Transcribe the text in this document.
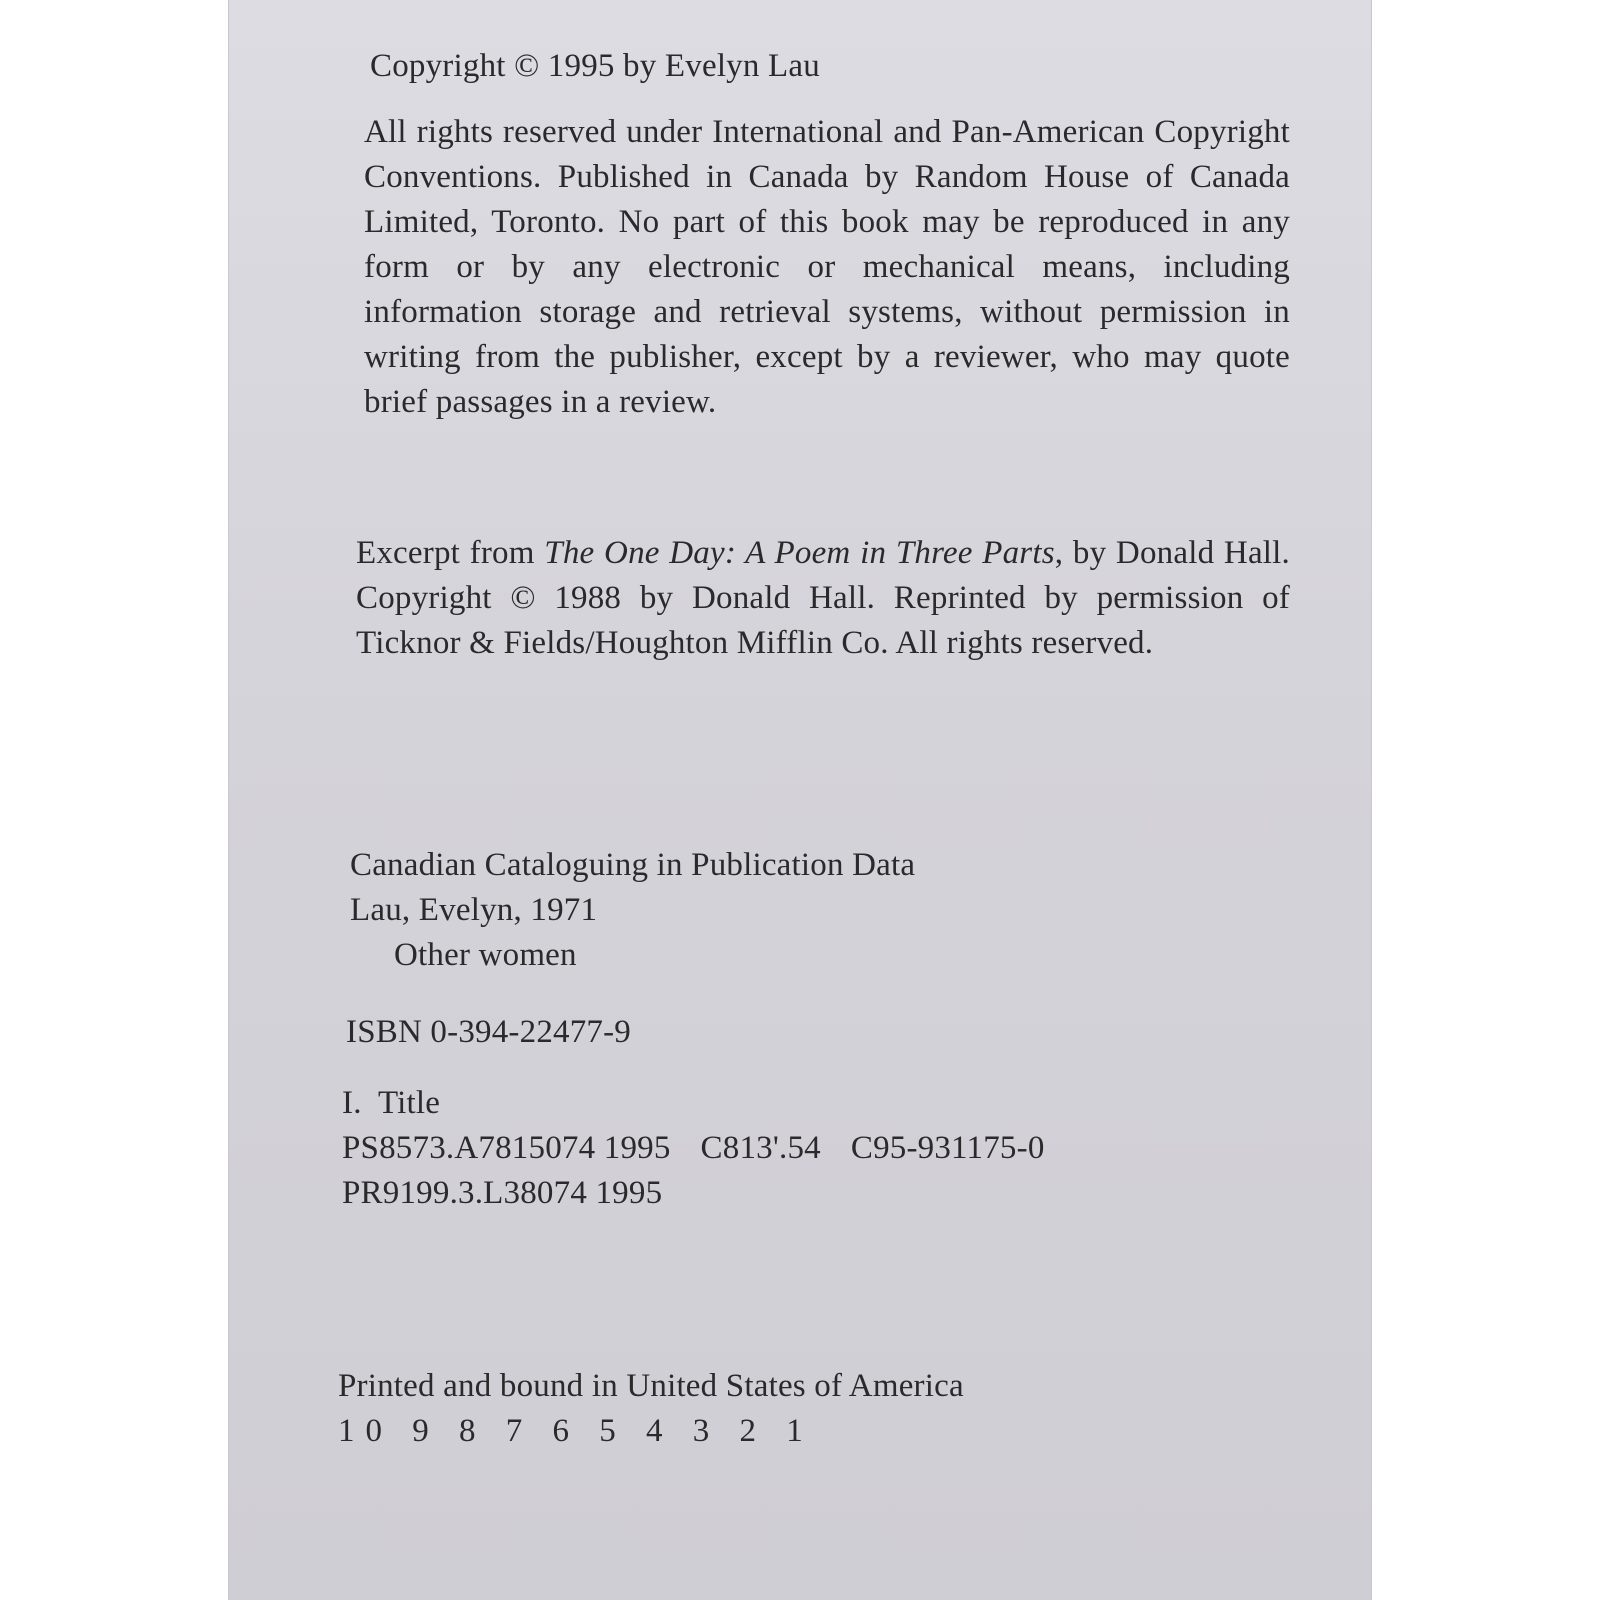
Copyright © 1995 by Evelyn Lau
All rights reserved under International and Pan-American Copyright Conventions. Published in Canada by Random House of Canada Limited, Toronto. No part of this book may be reproduced in any form or by any electronic or mechanical means, including information storage and retrieval systems, without permission in writing from the publisher, except by a reviewer, who may quote brief passages in a review.
Excerpt from The One Day: A Poem in Three Parts, by Donald Hall. Copyright © 1988 by Donald Hall. Reprinted by permission of Ticknor & Fields/Houghton Mifflin Co. All rights reserved.
Canadian Cataloguing in Publication Data
Lau, Evelyn, 1971
Other women
ISBN 0-394-22477-9
I.  Title
PS8573.A7815074 1995 C813'.54 C95-931175-0
PR9199.3.L38074 1995
Printed and bound in United States of America
10 9 8 7 6 5 4 3 2 1
